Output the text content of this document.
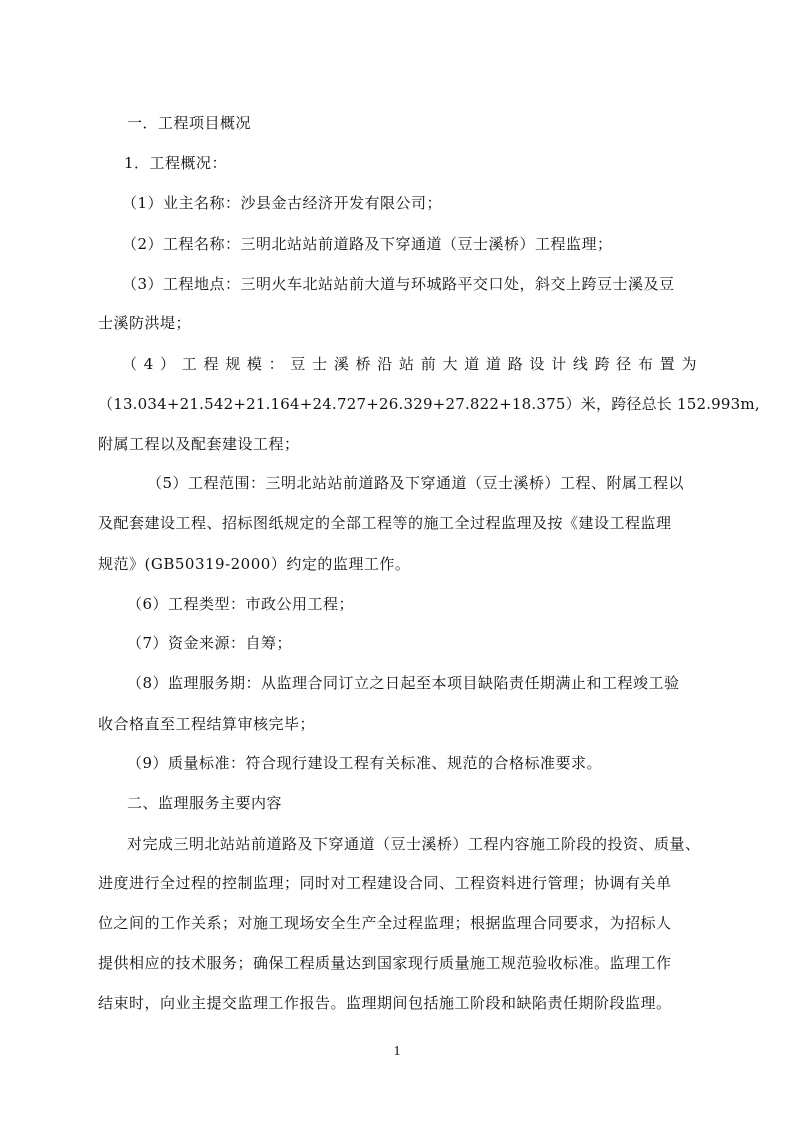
一．工程项目概况
1．工程概况：
（1）业主名称：沙县金古经济开发有限公司；
（2）工程名称：三明北站站前道路及下穿通道（豆士溪桥）工程监理；
（3）工程地点：三明火车北站站前大道与环城路平交口处，斜交上跨豆士溪及豆
士溪防洪堤；
（4）工程规模：豆士溪桥沿站前大道道路设计线跨径布置为
（13.034+21.542+21.164+24.727+26.329+27.822+18.375）米，跨径总长 152.993m,
附属工程以及配套建设工程；
（5）工程范围：三明北站站前道路及下穿通道（豆士溪桥）工程、附属工程以
及配套建设工程、招标图纸规定的全部工程等的施工全过程监理及按《建设工程监理
规范》(GB50319-2000）约定的监理工作。
（6）工程类型：市政公用工程；
（7）资金来源：自筹；
（8）监理服务期：从监理合同订立之日起至本项目缺陷责任期满止和工程竣工验
收合格直至工程结算审核完毕；
（9）质量标准：符合现行建设工程有关标准、规范的合格标准要求。
二、监理服务主要内容
对完成三明北站站前道路及下穿通道（豆士溪桥）工程内容施工阶段的投资、质量、
进度进行全过程的控制监理；同时对工程建设合同、工程资料进行管理；协调有关单
位之间的工作关系；对施工现场安全生产全过程监理；根据监理合同要求，为招标人
提供相应的技术服务；确保工程质量达到国家现行质量施工规范验收标准。监理工作
结束时，向业主提交监理工作报告。监理期间包括施工阶段和缺陷责任期阶段监理。
1
